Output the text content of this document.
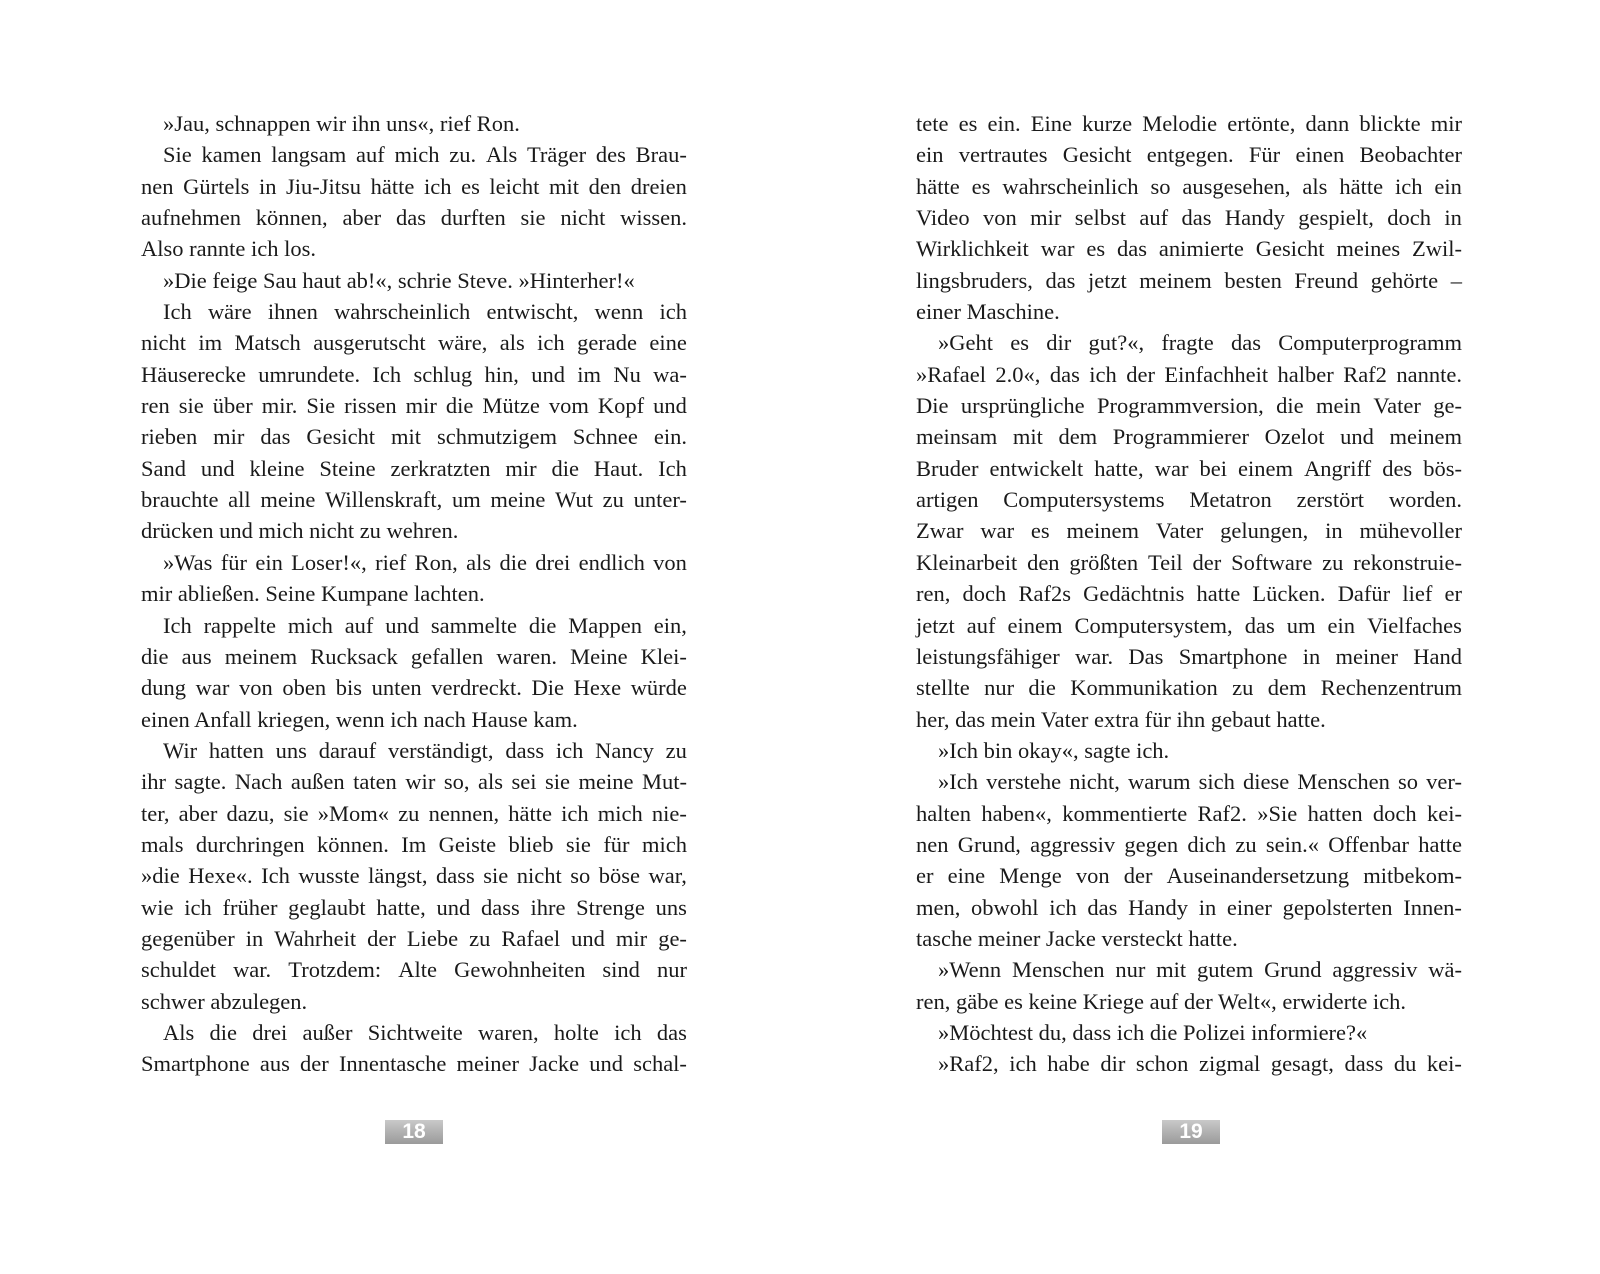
»Jau, schnappen wir ihn uns«, rief Ron.
Sie kamen langsam auf mich zu. Als Träger des Brau-
nen Gürtels in Jiu-Jitsu hätte ich es leicht mit den dreien
aufnehmen können, aber das durften sie nicht wissen.
Also rannte ich los.
»Die feige Sau haut ab!«, schrie Steve. »Hinterher!«
Ich wäre ihnen wahrscheinlich entwischt, wenn ich
nicht im Matsch ausgerutscht wäre, als ich gerade eine
Häuserecke umrundete. Ich schlug hin, und im Nu wa-
ren sie über mir. Sie rissen mir die Mütze vom Kopf und
rieben mir das Gesicht mit schmutzigem Schnee ein.
Sand und kleine Steine zerkratzten mir die Haut. Ich
brauchte all meine Willenskraft, um meine Wut zu unter-
drücken und mich nicht zu wehren.
»Was für ein Loser!«, rief Ron, als die drei endlich von
mir abließen. Seine Kumpane lachten.
Ich rappelte mich auf und sammelte die Mappen ein,
die aus meinem Rucksack gefallen waren. Meine Klei-
dung war von oben bis unten verdreckt. Die Hexe würde
einen Anfall kriegen, wenn ich nach Hause kam.
Wir hatten uns darauf verständigt, dass ich Nancy zu
ihr sagte. Nach außen taten wir so, als sei sie meine Mut-
ter, aber dazu, sie »Mom« zu nennen, hätte ich mich nie-
mals durchringen können. Im Geiste blieb sie für mich
»die Hexe«. Ich wusste längst, dass sie nicht so böse war,
wie ich früher geglaubt hatte, und dass ihre Strenge uns
gegenüber in Wahrheit der Liebe zu Rafael und mir ge-
schuldet war. Trotzdem: Alte Gewohnheiten sind nur
schwer abzulegen.
Als die drei außer Sichtweite waren, holte ich das
Smartphone aus der Innentasche meiner Jacke und schal-
18
tete es ein. Eine kurze Melodie ertönte, dann blickte mir
ein vertrautes Gesicht entgegen. Für einen Beobachter
hätte es wahrscheinlich so ausgesehen, als hätte ich ein
Video von mir selbst auf das Handy gespielt, doch in
Wirklichkeit war es das animierte Gesicht meines Zwil-
lingsbruders, das jetzt meinem besten Freund gehörte –
einer Maschine.
»Geht es dir gut?«, fragte das Computerprogramm
»Rafael 2.0«, das ich der Einfachheit halber Raf2 nannte.
Die ursprüngliche Programmversion, die mein Vater ge-
meinsam mit dem Programmierer Ozelot und meinem
Bruder entwickelt hatte, war bei einem Angriff des bös-
artigen Computersystems Metatron zerstört worden.
Zwar war es meinem Vater gelungen, in mühevoller
Kleinarbeit den größten Teil der Software zu rekonstruie-
ren, doch Raf2s Gedächtnis hatte Lücken. Dafür lief er
jetzt auf einem Computersystem, das um ein Vielfaches
leistungsfähiger war. Das Smartphone in meiner Hand
stellte nur die Kommunikation zu dem Rechenzentrum
her, das mein Vater extra für ihn gebaut hatte.
»Ich bin okay«, sagte ich.
»Ich verstehe nicht, warum sich diese Menschen so ver-
halten haben«, kommentierte Raf2. »Sie hatten doch kei-
nen Grund, aggressiv gegen dich zu sein.« Offenbar hatte
er eine Menge von der Auseinandersetzung mitbekom-
men, obwohl ich das Handy in einer gepolsterten Innen-
tasche meiner Jacke versteckt hatte.
»Wenn Menschen nur mit gutem Grund aggressiv wä-
ren, gäbe es keine Kriege auf der Welt«, erwiderte ich.
»Möchtest du, dass ich die Polizei informiere?«
»Raf2, ich habe dir schon zigmal gesagt, dass du kei-
19
